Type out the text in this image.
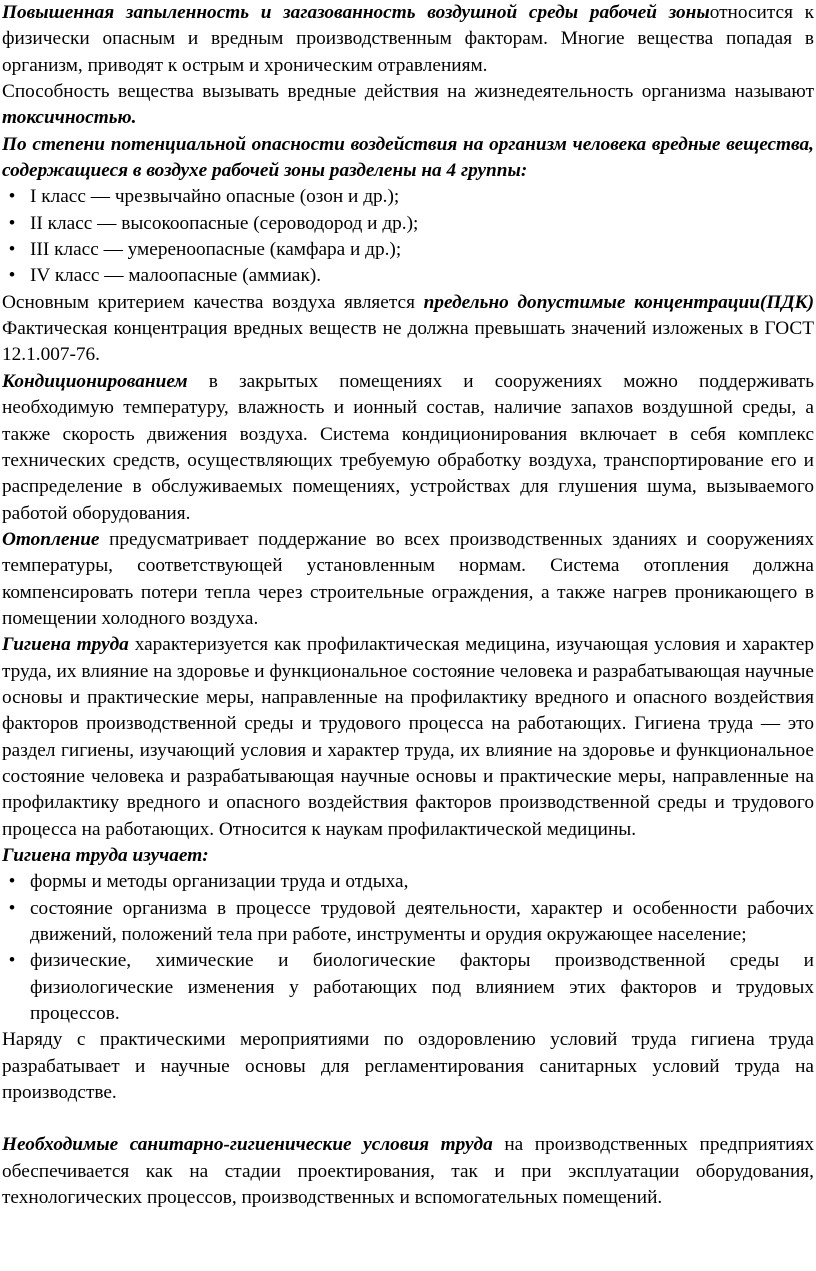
Повышенная запыленность и загазованность воздушной среды рабочей зоныотносится к физически опасным и вредным производственным факторам. Многие вещества попадая в организм, приводят к острым и хроническим отравлениям.

Способность вещества вызывать вредные действия на жизнедеятельность организма называют токсичностью.

По степени потенциальной опасности воздействия на организм человека вредные вещества, содержащиеся в воздухе рабочей зоны разделены на 4 группы:

• I класс — чрезвычайно опасные (озон и др.);
• II класс — высокоопасные (сероводород и др.);
• III класс — умереноопасные (камфара и др.);
• IV класс — малоопасные (аммиак).

Основным критерием качества воздуха является предельно допустимые концентрации(ПДК) Фактическая концентрация вредных веществ не должна превышать значений изложеных в ГОСТ 12.1.007-76.

Кондиционированием в закрытых помещениях и сооружениях можно поддерживать необходимую температуру, влажность и ионный состав, наличие запахов воздушной среды, а также скорость движения воздуха. Система кондиционирования включает в себя комплекс технических средств, осуществляющих требуемую обработку воздуха, транспортирование его и распределение в обслуживаемых помещениях, устройствах для глушения шума, вызываемого работой оборудования.

Отопление предусматривает поддержание во всех производственных зданиях и сооружениях температуры, соответствующей установленным нормам. Система отопления должна компенсировать потери тепла через строительные ограждения, а также нагрев проникающего в помещении холодного воздуха.

Гигиена труда характеризуется как профилактическая медицина, изучающая условия и характер труда, их влияние на здоровье и функциональное состояние человека и разрабатывающая научные основы и практические меры, направленные на профилактику вредного и опасного воздействия факторов производственной среды и трудового процесса на работающих. Гигиена труда — это раздел гигиены, изучающий условия и характер труда, их влияние на здоровье и функциональное состояние человека и разрабатывающая научные основы и практические меры, направленные на профилактику вредного и опасного воздействия факторов производственной среды и трудового процесса на работающих. Относится к наукам профилактической медицины.

Гигиена труда изучает:

• формы и методы организации труда и отдыха,
• состояние организма в процессе трудовой деятельности, характер и особенности рабочих движений, положений тела при работе, инструменты и орудия окружающее население;
• физические, химические и биологические факторы производственной среды и физиологические изменения у работающих под влиянием этих факторов и трудовых процессов.

Наряду с практическими мероприятиями по оздоровлению условий труда гигиена труда разрабатывает и научные основы для регламентирования санитарных условий труда на производстве.

Необходимые санитарно-гигиенические условия труда на производственных предприятиях обеспечивается как на стадии проектирования, так и при эксплуатации оборудования, технологических процессов, производственных и вспомогательных помещений.
